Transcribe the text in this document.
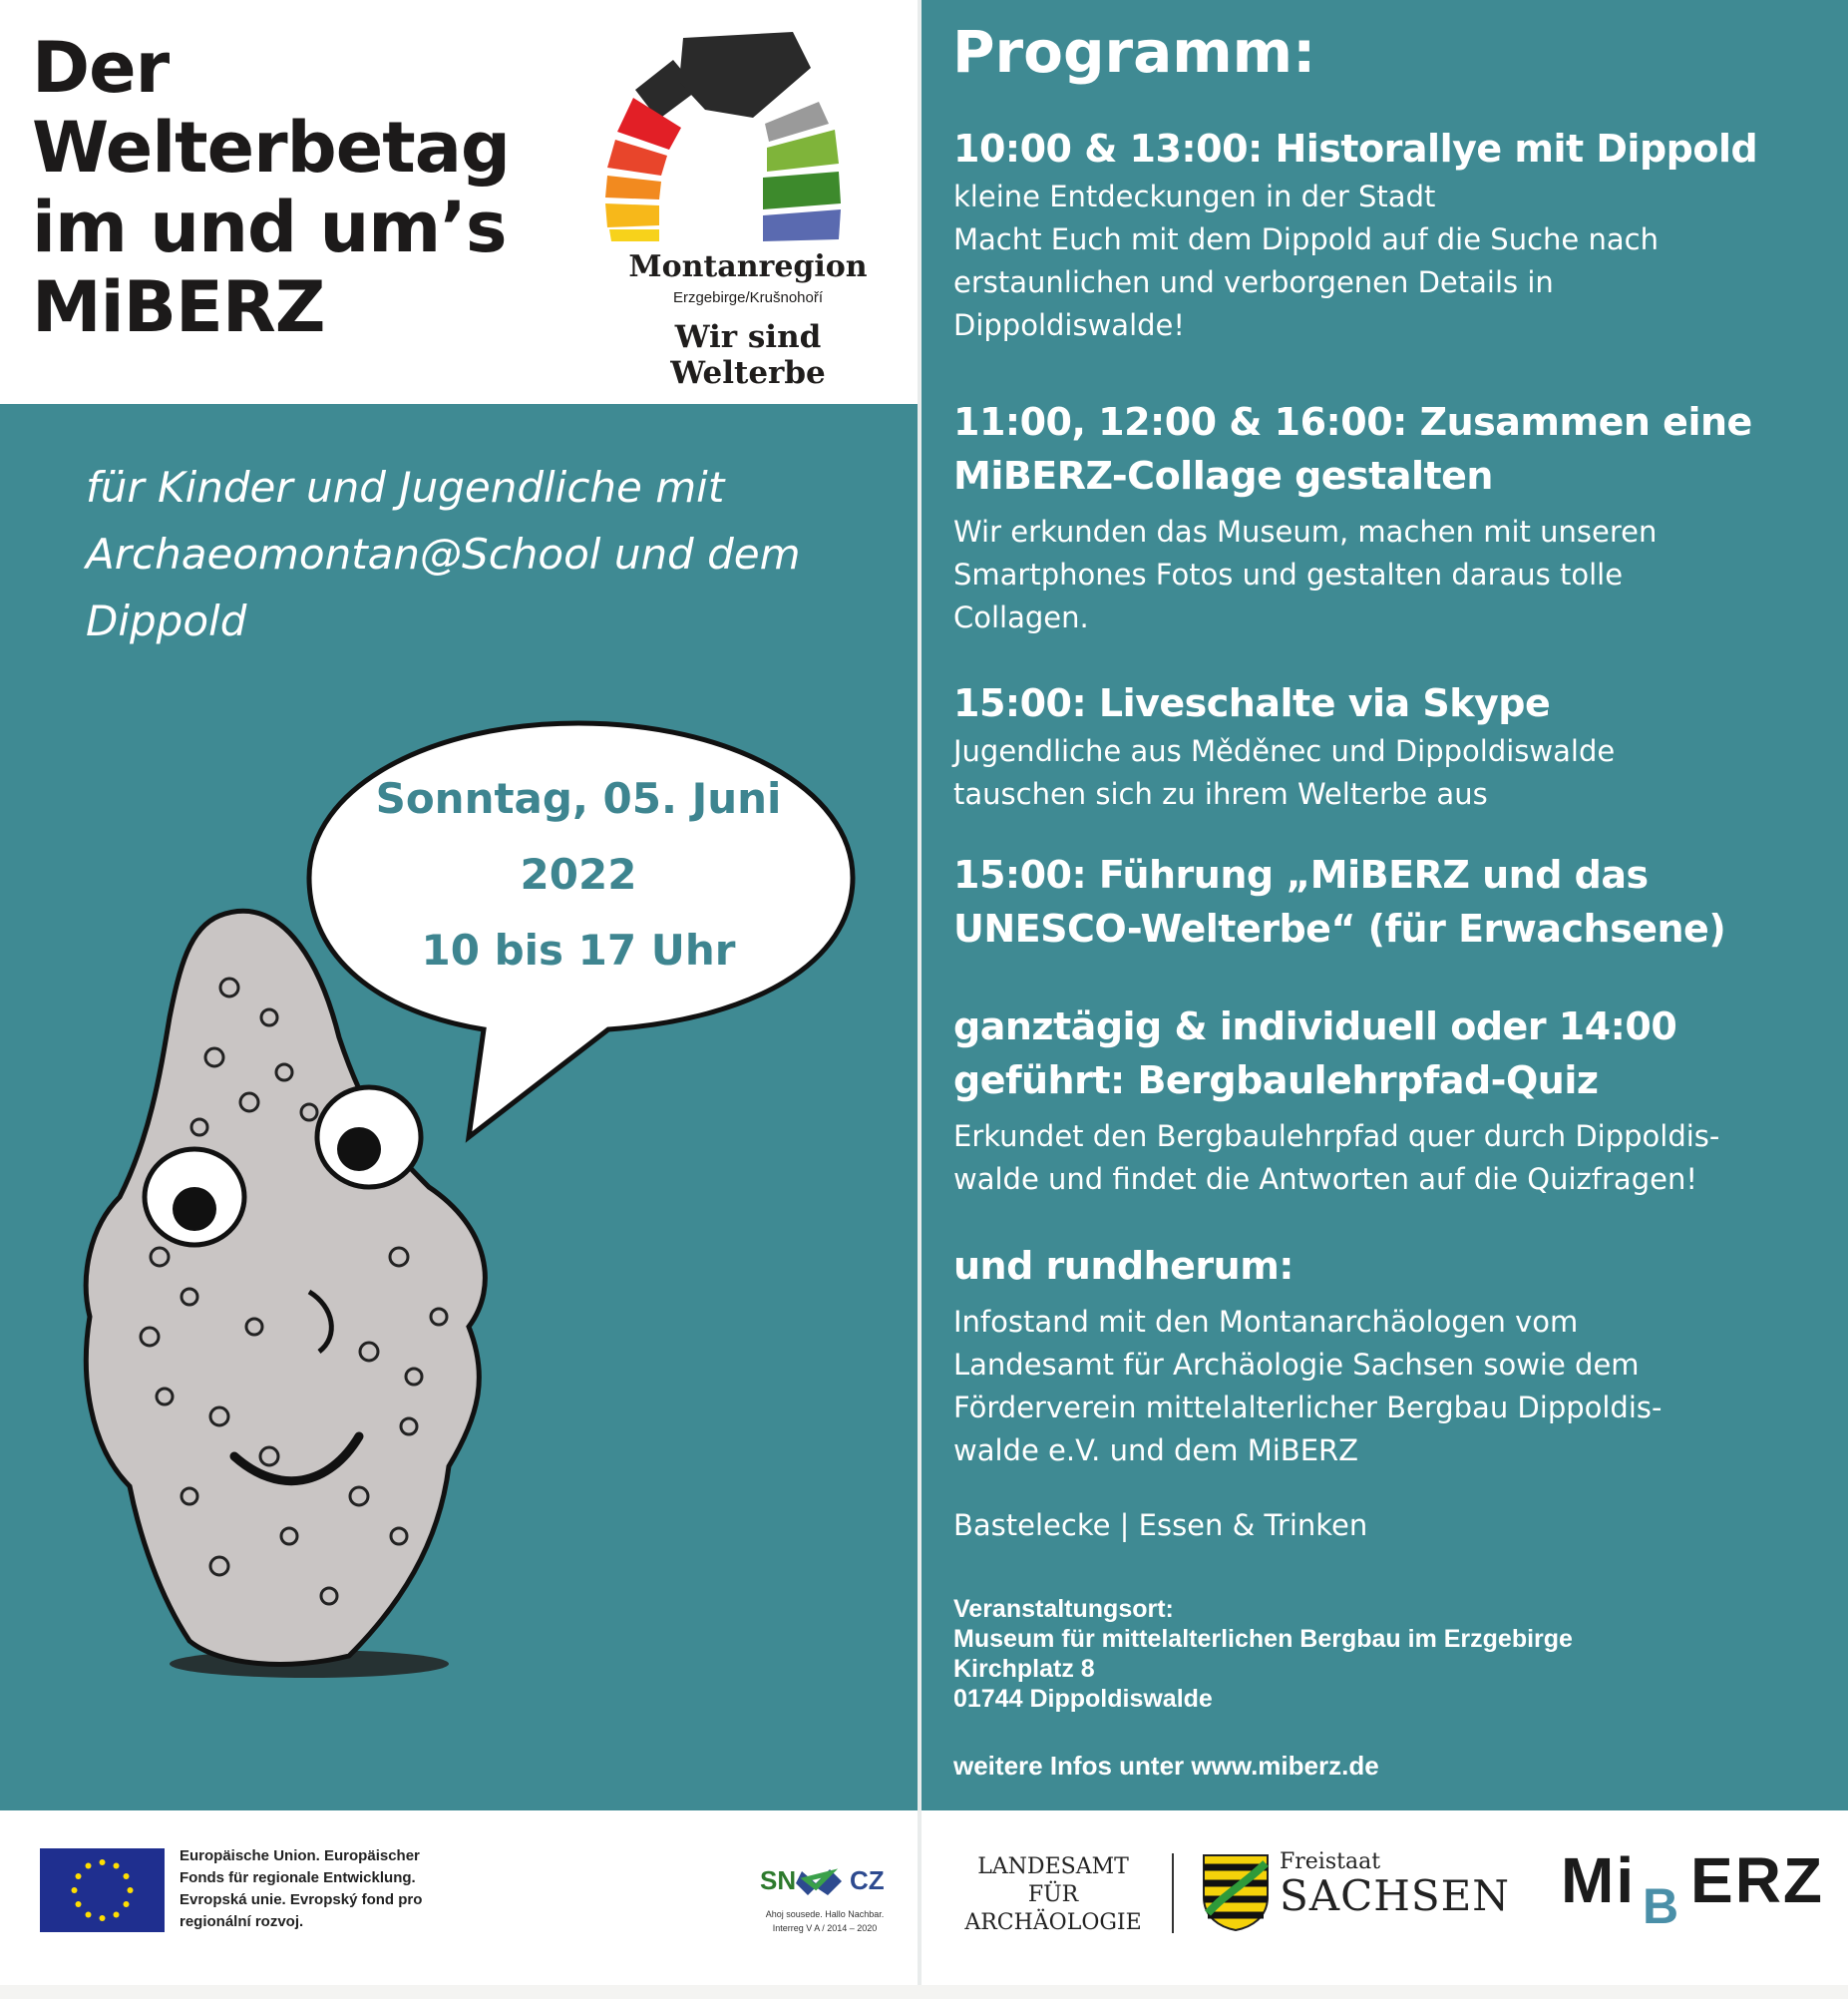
Der
Welterbetag
im und um’s
MiBERZ	Montanregion
Erzgebirge/Krušnohoří
Wir sind Welterbe
für Kinder und Jugendliche mit
Archaeomontan@School und dem
Dippold
Sonntag, 05. Juni
2022
10 bis 17 Uhr
Europäische Union. Europäischer
Fonds für regionale Entwicklung.
Evropská unie. Evropský fond pro
regionální rozvoj.
SN CZ
Ahoj sousede. Hallo Nachbar.
Interreg V A / 2014 – 2020
Programm:
10:00 & 13:00: Historallye mit Dippold

kleine Entdeckungen in der Stadt

Macht Euch mit dem Dippold auf die Suche nach

erstaunlichen und verborgenen Details in

Dippoldiswalde!

11:00, 12:00 & 16:00: Zusammen eine MiBERZ-Collage gestalten

Wir erkunden das Museum, machen mit unseren

Smartphones Fotos und gestalten daraus tolle

Collagen.

15:00: Liveschalte via Skype

Jugendliche aus Měděnec und Dippoldiswalde

tauschen sich zu ihrem Welterbe aus

15:00: Führung „MiBERZ und das UNESCO-Welterbe“ (für Erwachsene)
ganztägig & individuell oder 14:00 geführt: Bergbaulehrpfad-Quiz

Erkundet den Bergbaulehrpfad quer durch Dippoldis-

walde und findet die Antworten auf die Quizfragen!

und rundherum:

Infostand mit den Montanarchäologen vom

Landesamt für Archäologie Sachsen sowie dem

Förderverein mittelalterlicher Bergbau Dippoldis-

walde e.V. und dem MiBERZ

Bastelecke | Essen & Trinken

Veranstaltungsort:
Museum für mittelalterlichen Bergbau im Erzgebirge
Kirchplatz 8
01744 Dippoldiswalde
weitere Infos unter www.miberz.de
LANDESAMT
FÜR ARCHÄOLOGIE
Freistaat
SACHSEN Mi B ERZ
